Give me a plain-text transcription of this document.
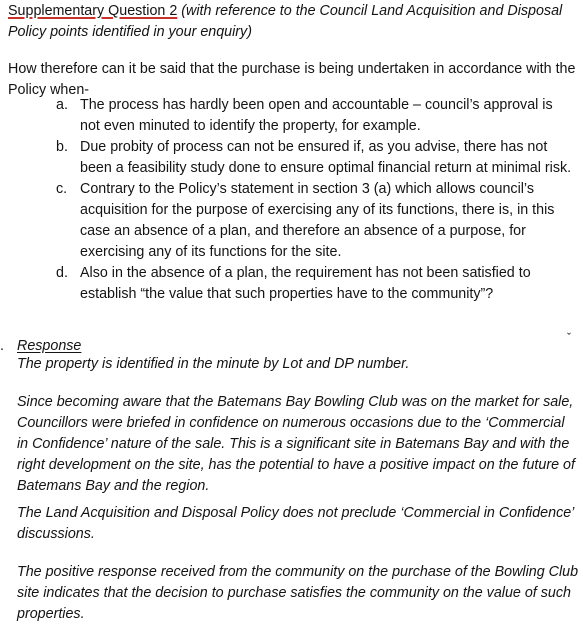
Supplementary Question 2 (with reference to the Council Land Acquisition and Disposal Policy points identified in your enquiry)
How therefore can it be said that the purchase is being undertaken in accordance with the Policy when-
a. The process has hardly been open and accountable – council’s approval is not even minuted to identify the property, for example.
b. Due probity of process can not be ensured if, as you advise, there has not been a feasibility study done to ensure optimal financial return at minimal risk.
c. Contrary to the Policy’s statement in section 3 (a) which allows council’s acquisition for the purpose of exercising any of its functions, there is, in this case an absence of a plan, and therefore an absence of a purpose, for exercising any of its functions for the site.
d. Also in the absence of a plan, the requirement has not been satisfied to establish “the value that such properties have to the community”?
ˬ
. Response
The property is identified in the minute by Lot and DP number.
Since becoming aware that the Batemans Bay Bowling Club was on the market for sale, Councillors were briefed in confidence on numerous occasions due to the ‘Commercial in Confidence’ nature of the sale. This is a significant site in Batemans Bay and with the right development on the site, has the potential to have a positive impact on the future of Batemans Bay and the region.
The Land Acquisition and Disposal Policy does not preclude ‘Commercial in Confidence’ discussions.
The positive response received from the community on the purchase of the Bowling Club site indicates that the decision to purchase satisfies the community on the value of such properties.
